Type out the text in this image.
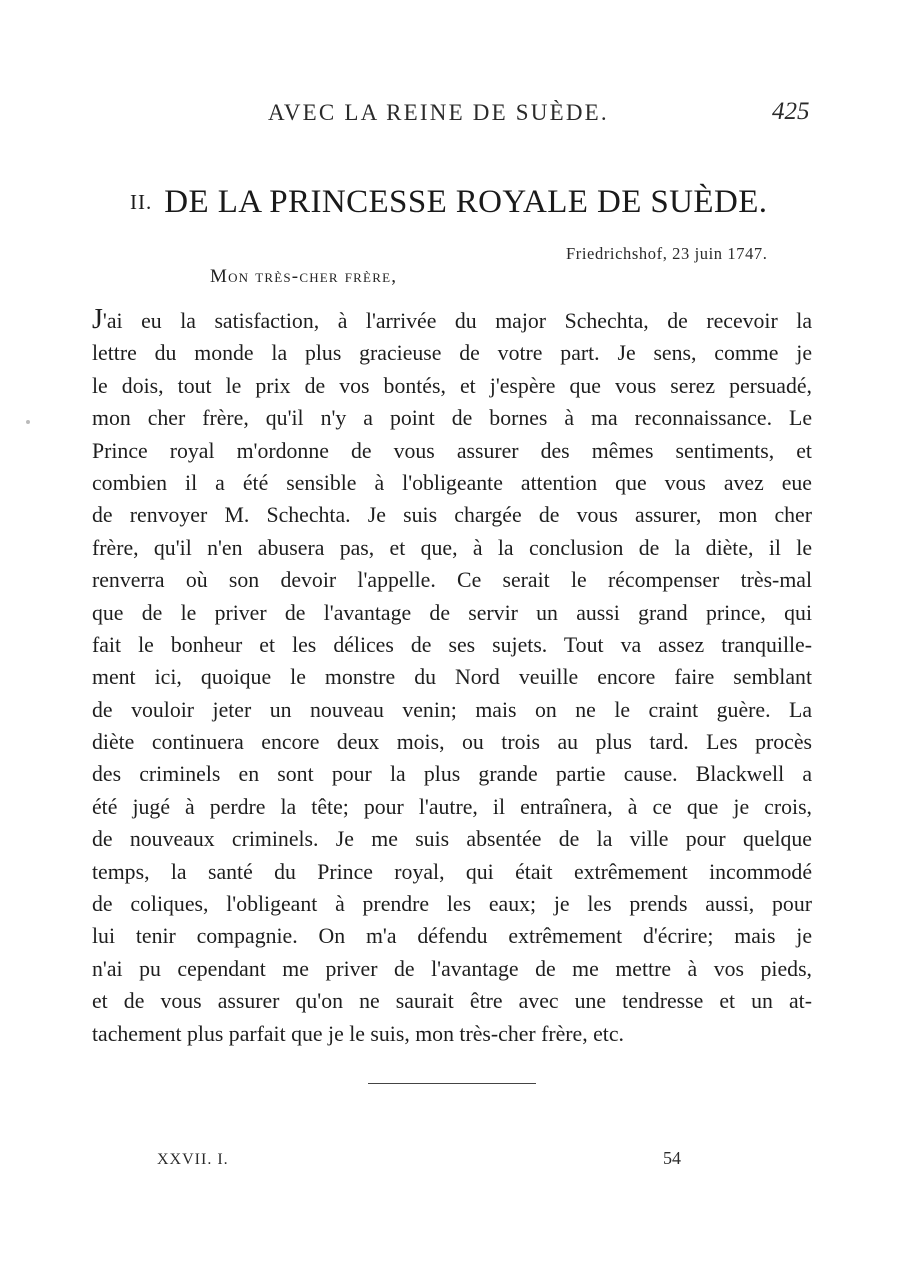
AVEC LA REINE DE SUÈDE.	425
II. DE LA PRINCESSE ROYALE DE SUÈDE.
Friedrichshof, 23 juin 1747.
Mon très-cher frère,
J'ai eu la satisfaction, à l'arrivée du major Schechta, de recevoir la
lettre du monde la plus gracieuse de votre part. Je sens, comme je
le dois, tout le prix de vos bontés, et j'espère que vous serez persuadé,
mon cher frère, qu'il n'y a point de bornes à ma reconnaissance. Le
Prince royal m'ordonne de vous assurer des mêmes sentiments, et
combien il a été sensible à l'obligeante attention que vous avez eue
de renvoyer M. Schechta. Je suis chargée de vous assurer, mon cher
frère, qu'il n'en abusera pas, et que, à la conclusion de la diète, il le
renverra où son devoir l'appelle. Ce serait le récompenser très-mal
que de le priver de l'avantage de servir un aussi grand prince, qui
fait le bonheur et les délices de ses sujets. Tout va assez tranquille-
ment ici, quoique le monstre du Nord veuille encore faire semblant
de vouloir jeter un nouveau venin; mais on ne le craint guère. La
diète continuera encore deux mois, ou trois au plus tard. Les procès
des criminels en sont pour la plus grande partie cause. Blackwell a
été jugé à perdre la tête; pour l'autre, il entraînera, à ce que je crois,
de nouveaux criminels. Je me suis absentée de la ville pour quelque
temps, la santé du Prince royal, qui était extrêmement incommodé
de coliques, l'obligeant à prendre les eaux; je les prends aussi, pour
lui tenir compagnie. On m'a défendu extrêmement d'écrire; mais je
n'ai pu cependant me priver de l'avantage de me mettre à vos pieds,
et de vous assurer qu'on ne saurait être avec une tendresse et un at-
tachement plus parfait que je le suis, mon très-cher frère, etc.
XXVII. I.	54
